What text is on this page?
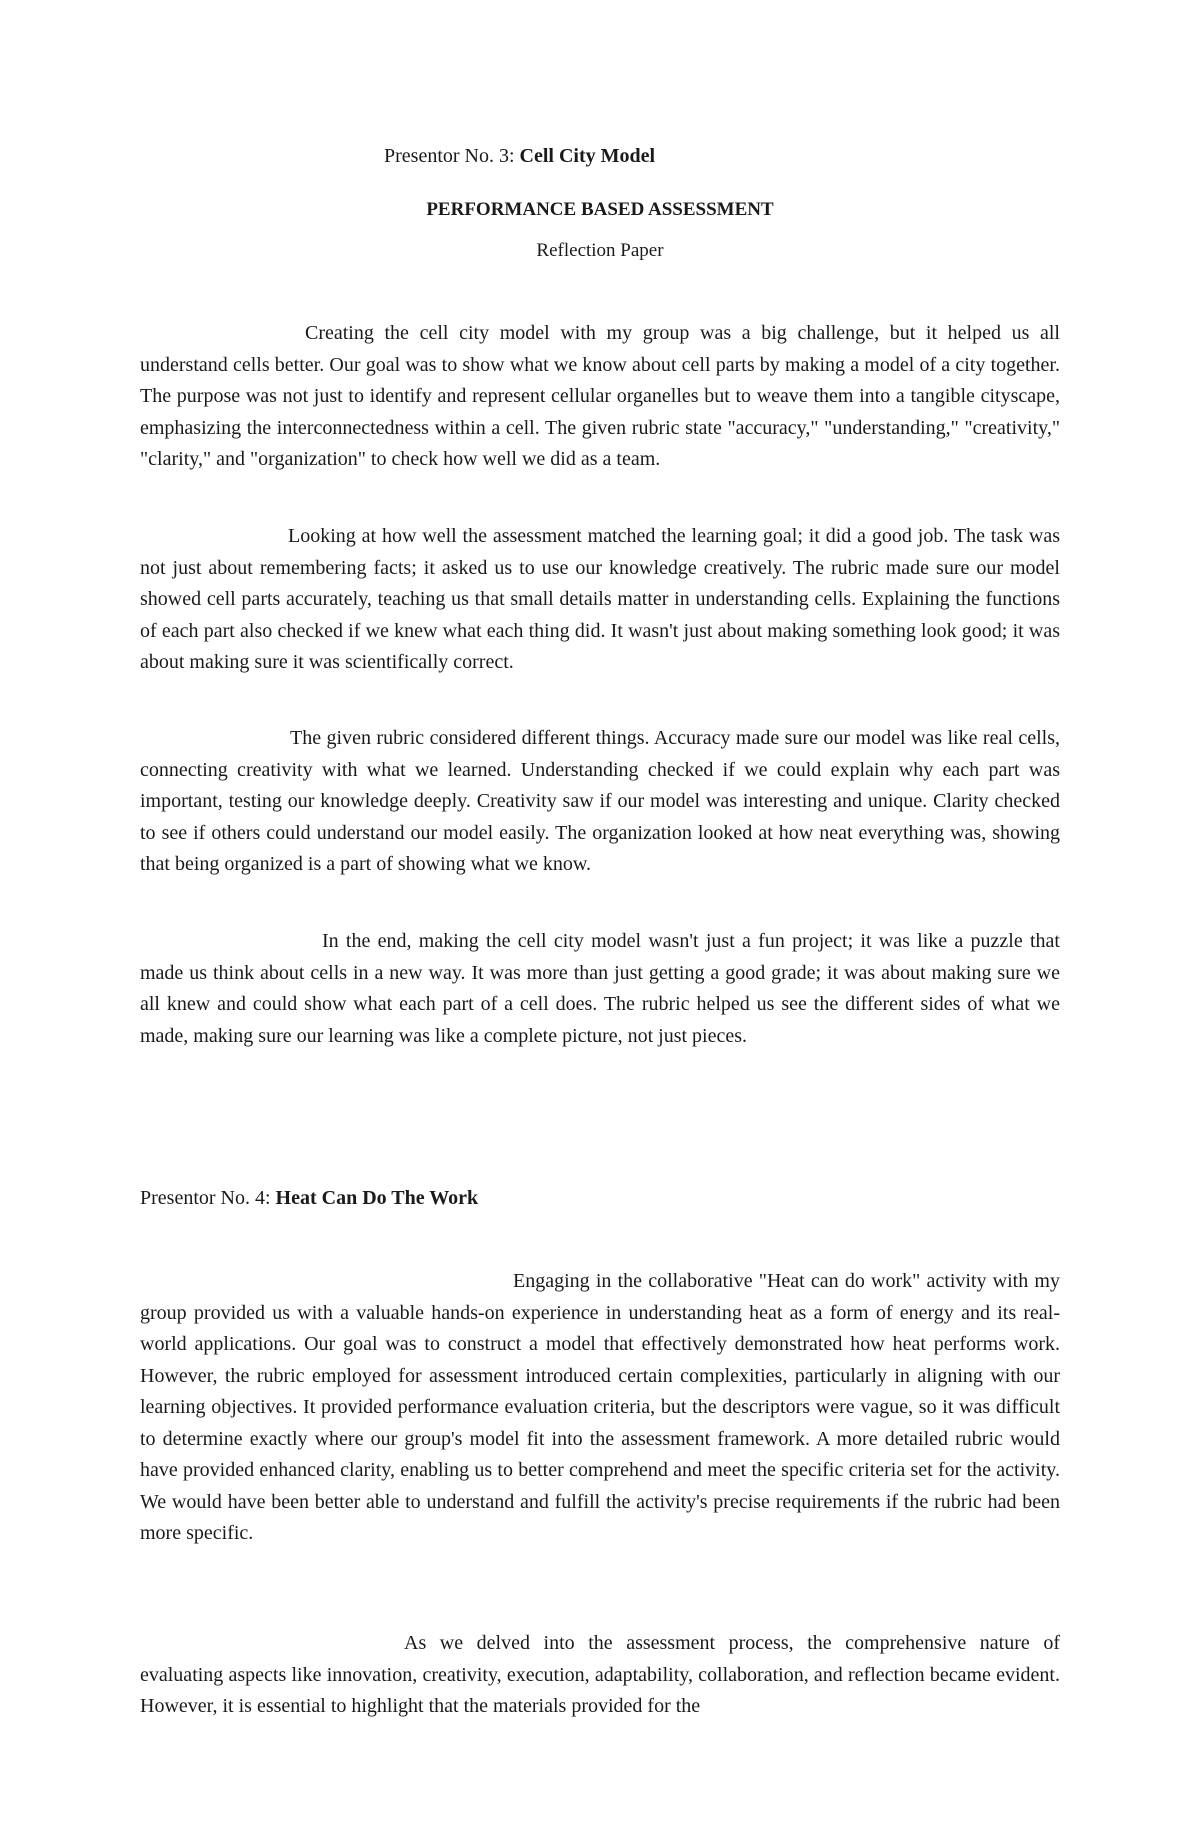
Presentor No. 3: Cell City Model
PERFORMANCE BASED ASSESSMENT
Reflection Paper

Creating the cell city model with my group was a big challenge, but it helped us all understand cells better. Our goal was to show what we know about cell parts by making a model of a city together. The purpose was not just to identify and represent cellular organelles but to weave them into a tangible cityscape, emphasizing the interconnectedness within a cell. The given rubric state "accuracy," "understanding," "creativity," "clarity," and "organization" to check how well we did as a team.

Looking at how well the assessment matched the learning goal; it did a good job. The task was not just about remembering facts; it asked us to use our knowledge creatively. The rubric made sure our model showed cell parts accurately, teaching us that small details matter in understanding cells. Explaining the functions of each part also checked if we knew what each thing did. It wasn't just about making something look good; it was about making sure it was scientifically correct.

The given rubric considered different things. Accuracy made sure our model was like real cells, connecting creativity with what we learned. Understanding checked if we could explain why each part was important, testing our knowledge deeply. Creativity saw if our model was interesting and unique. Clarity checked to see if others could understand our model easily. The organization looked at how neat everything was, showing that being organized is a part of showing what we know.

In the end, making the cell city model wasn't just a fun project; it was like a puzzle that made us think about cells in a new way. It was more than just getting a good grade; it was about making sure we all knew and could show what each part of a cell does. The rubric helped us see the different sides of what we made, making sure our learning was like a complete picture, not just pieces.

Presentor No. 4: Heat Can Do The Work

Engaging in the collaborative "Heat can do work" activity with my group provided us with a valuable hands-on experience in understanding heat as a form of energy and its real-world applications. Our goal was to construct a model that effectively demonstrated how heat performs work. However, the rubric employed for assessment introduced certain complexities, particularly in aligning with our learning objectives. It provided performance evaluation criteria, but the descriptors were vague, so it was difficult to determine exactly where our group's model fit into the assessment framework. A more detailed rubric would have provided enhanced clarity, enabling us to better comprehend and meet the specific criteria set for the activity. We would have been better able to understand and fulfill the activity's precise requirements if the rubric had been more specific.

As we delved into the assessment process, the comprehensive nature of evaluating aspects like innovation, creativity, execution, adaptability, collaboration, and reflection became evident. However, it is essential to highlight that the materials provided for the
